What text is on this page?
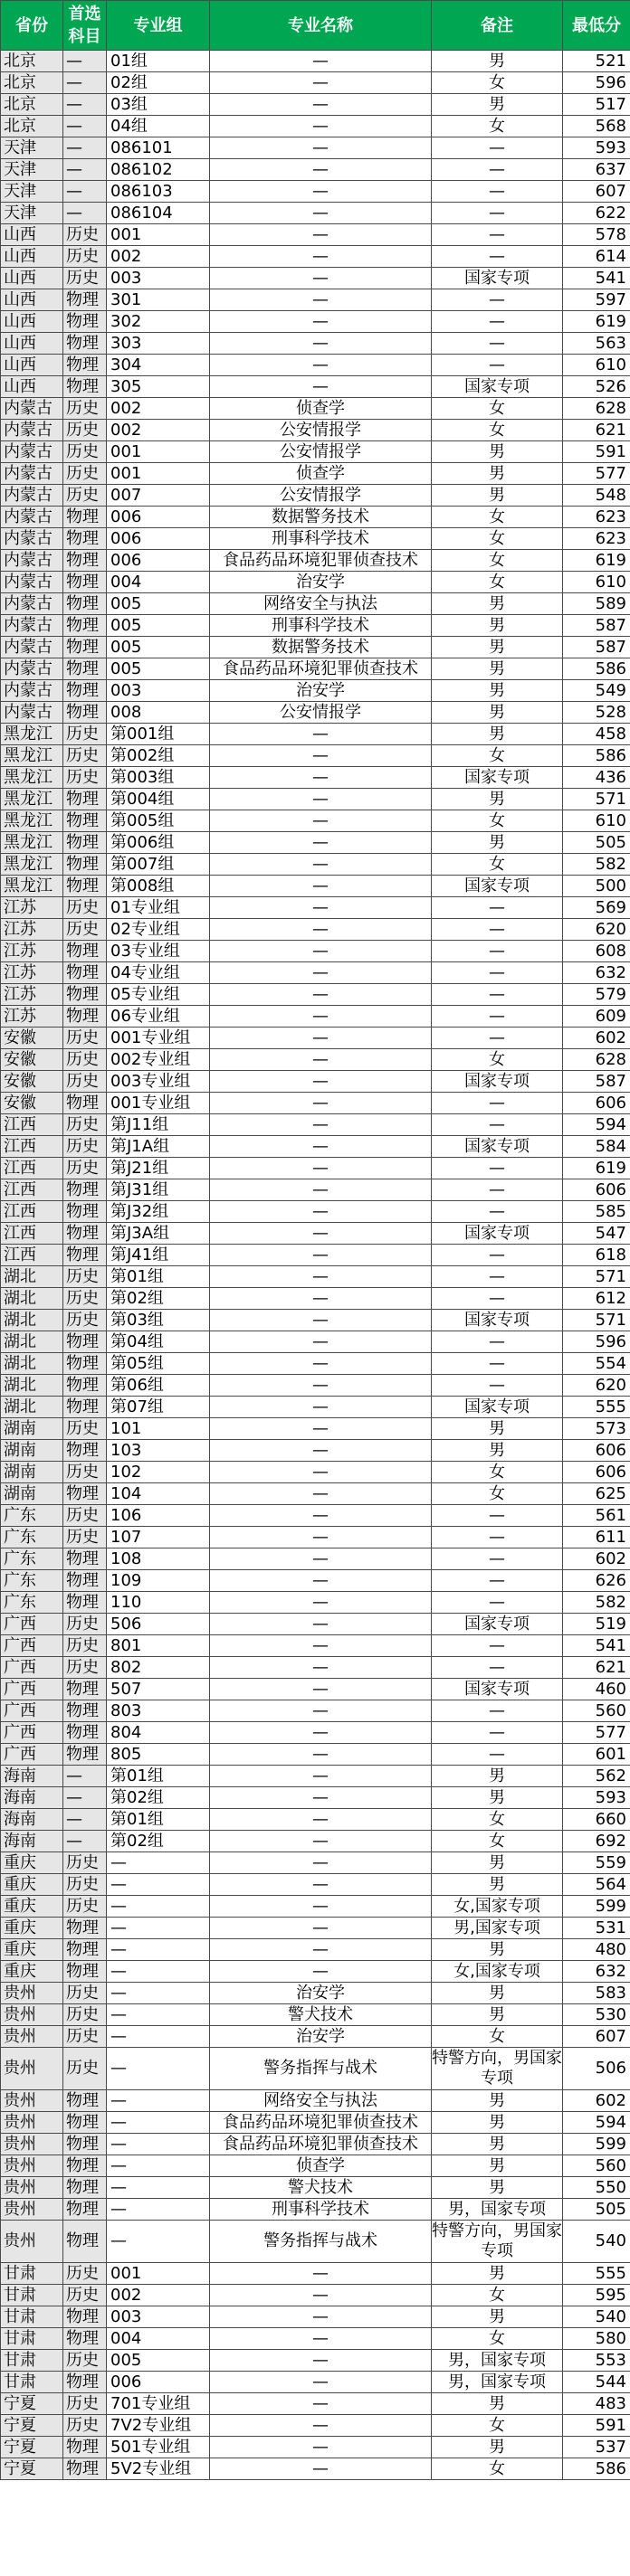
省份	首选科目	专业组	专业名称	备注	最低分
北京	—	01组	—	男	521
北京	—	02组	—	女	596
北京	—	03组	—	男	517
北京	—	04组	—	女	568
天津	—	086101	—	—	593
天津	—	086102	—	—	637
天津	—	086103	—	—	607
天津	—	086104	—	—	622
山西	历史	001	—	—	578
山西	历史	002	—	—	614
山西	历史	003	—	国家专项	541
山西	物理	301	—	—	597
山西	物理	302	—	—	619
山西	物理	303	—	—	563
山西	物理	304	—	—	610
山西	物理	305	—	国家专项	526
内蒙古	历史	002	侦查学	女	628
内蒙古	历史	002	公安情报学	女	621
内蒙古	历史	001	公安情报学	男	591
内蒙古	历史	001	侦查学	男	577
内蒙古	历史	007	公安情报学	男	548
内蒙古	物理	006	数据警务技术	女	623
内蒙古	物理	006	刑事科学技术	女	623
内蒙古	物理	006	食品药品环境犯罪侦查技术	女	619
内蒙古	物理	004	治安学	女	610
内蒙古	物理	005	网络安全与执法	男	589
内蒙古	物理	005	刑事科学技术	男	587
内蒙古	物理	005	数据警务技术	男	587
内蒙古	物理	005	食品药品环境犯罪侦查技术	男	586
内蒙古	物理	003	治安学	男	549
内蒙古	物理	008	公安情报学	男	528
黑龙江	历史	第001组	—	男	458
黑龙江	历史	第002组	—	女	586
黑龙江	历史	第003组	—	国家专项	436
黑龙江	物理	第004组	—	男	571
黑龙江	物理	第005组	—	女	610
黑龙江	物理	第006组	—	男	505
黑龙江	物理	第007组	—	女	582
黑龙江	物理	第008组	—	国家专项	500
江苏	历史	01专业组	—	—	569
江苏	历史	02专业组	—	—	620
江苏	物理	03专业组	—	—	608
江苏	物理	04专业组	—	—	632
江苏	物理	05专业组	—	—	579
江苏	物理	06专业组	—	—	609
安徽	历史	001专业组	—	—	602
安徽	历史	002专业组	—	女	628
安徽	历史	003专业组	—	国家专项	587
安徽	物理	001专业组	—	—	606
江西	历史	第J11组	—	—	594
江西	历史	第J1A组	—	国家专项	584
江西	历史	第J21组	—	—	619
江西	物理	第J31组	—	—	606
江西	物理	第J32组	—	—	585
江西	物理	第J3A组	—	国家专项	547
江西	物理	第J41组	—	—	618
湖北	历史	第01组	—	—	571
湖北	历史	第02组	—	—	612
湖北	历史	第03组	—	国家专项	571
湖北	物理	第04组	—	—	596
湖北	物理	第05组	—	—	554
湖北	物理	第06组	—	—	620
湖北	物理	第07组	—	国家专项	555
湖南	历史	101	—	男	573
湖南	物理	103	—	男	606
湖南	历史	102	—	女	606
湖南	物理	104	—	女	625
广东	历史	106	—	—	561
广东	历史	107	—	—	611
广东	物理	108	—	—	602
广东	物理	109	—	—	626
广东	物理	110	—	—	582
广西	历史	506	—	国家专项	519
广西	历史	801	—	—	541
广西	历史	802	—	—	621
广西	物理	507	—	国家专项	460
广西	物理	803	—	—	560
广西	物理	804	—	—	577
广西	物理	805	—	—	601
海南	—	第01组	—	男	562
海南	—	第02组	—	男	593
海南	—	第01组	—	女	660
海南	—	第02组	—	女	692
重庆	历史	—	—	男	559
重庆	历史	—	—	男	564
重庆	历史	—	—	女,国家专项	599
重庆	物理	—	—	男,国家专项	531
重庆	物理	—	—	男	480
重庆	物理	—	—	女,国家专项	632
贵州	历史	—	治安学	男	583
贵州	历史	—	警犬技术	男	530
贵州	历史	—	治安学	女	607
贵州	历史	—	警务指挥与战术	特警方向，男国家专项	506
贵州	物理	—	网络安全与执法	男	602
贵州	物理	—	食品药品环境犯罪侦查技术	男	594
贵州	物理	—	食品药品环境犯罪侦查技术	男	599
贵州	物理	—	侦查学	男	560
贵州	物理	—	警犬技术	男	550
贵州	物理	—	刑事科学技术	男，国家专项	505
贵州	物理	—	警务指挥与战术	特警方向，男国家专项	540
甘肃	历史	001	—	男	555
甘肃	历史	002	—	女	595
甘肃	物理	003	—	男	540
甘肃	物理	004	—	女	580
甘肃	历史	005	—	男，国家专项	553
甘肃	物理	006	—	男，国家专项	544
宁夏	历史	701专业组	—	男	483
宁夏	历史	7V2专业组	—	女	591
宁夏	物理	501专业组	—	男	537
宁夏	物理	5V2专业组	—	女	586
